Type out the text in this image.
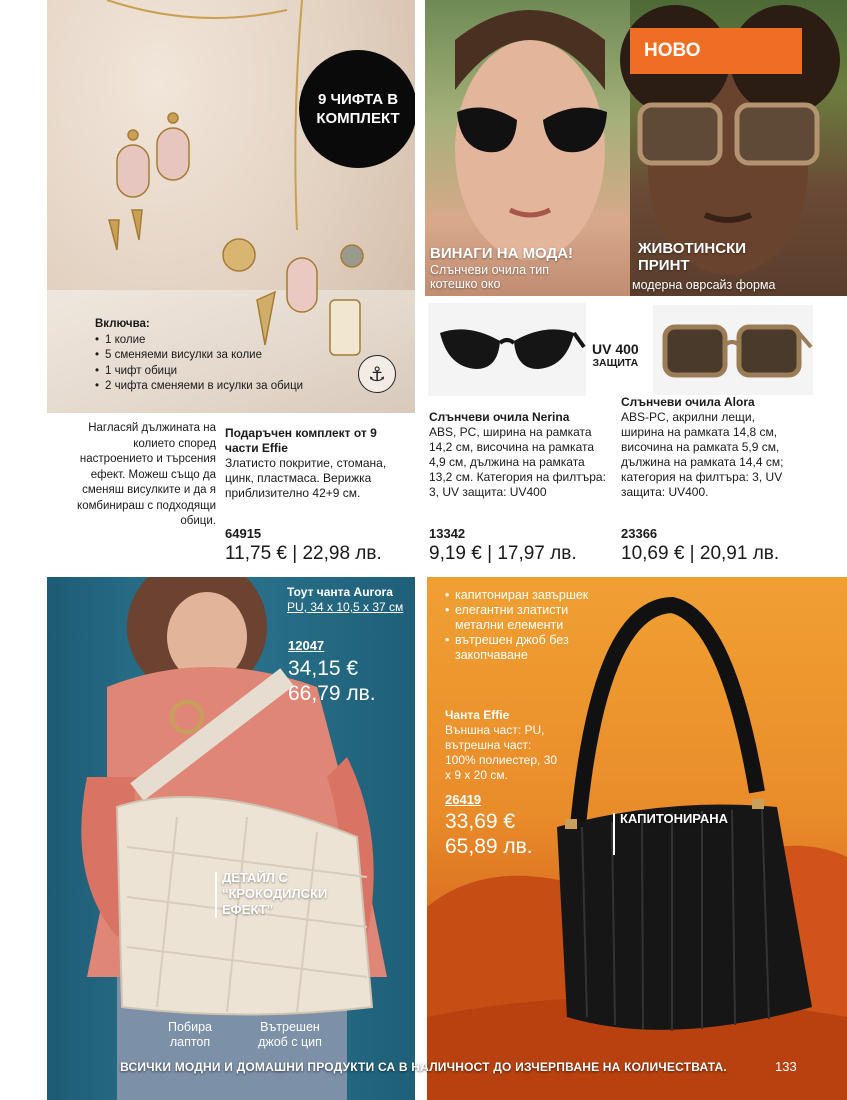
9 ЧИФТА В КОМПЛЕКТ
Включва:
• 1 колие
• 5 сменяеми висулки за колие
• 1 чифт обици
• 2 чифта сменяеми в исулки за обици
⚓
Нагласяй дължината на колието според настроението и търсения ефект. Можеш също да сменяш висулките и да я комбинираш с подходящи обици.
Подаръчен комплект от 9 части Effie
Златисто покритие, стомана, цинк, пластмаса. Верижка приблизително 42+9 см.
64915
11,75 € | 22,98 лв.
НОВО
ВИНАГИ НА МОДА!
Слънчеви очила тип котешко око
ЖИВОТИНСКИ ПРИНТ
модерна оврсайз форма
UV 400
ЗАЩИТА
Слънчеви очила Nerina
ABS, PC, ширина на рамката 14,2 см, височина на рамката 4,9 см, дължина на рамката 13,2 см. Категория на филтъра: 3, UV защита: UV400
13342
9,19 € | 17,97 лв.
Слънчеви очила Alora
ABS-PC, акрилни лещи, ширина на рамката 14,8 см, височина на рамката 5,9 см, дължина на рамката 14,4 см; категория на филтъра: 3, UV защита: UV400.
23366
10,69 € | 20,91 лв.
Тоут чанта Aurora
PU, 34 x 10,5 x 37 см
12047
34,15 €
66,79 лв.
ДЕТАЙЛ С “КРОКОДИЛСКИ ЕФЕКТ”
Побира лаптоп
Вътрешен джоб с цип
• капитониран завършек
• елегантни златисти метални елементи
• вътрешен джоб без закопчаване
Чанта Effie
Външна част: PU, вътрешна част: 100% полиестер, 30 x 9 x 20 см.
26419
33,69 €
65,89 лв.
КАПИТОНИРАНА
ВСИЧКИ МОДНИ И ДОМАШНИ ПРОДУКТИ СА В НАЛИЧНОСТ ДО ИЗЧЕРПВАНЕ НА КОЛИЧЕСТВАТА.	133
